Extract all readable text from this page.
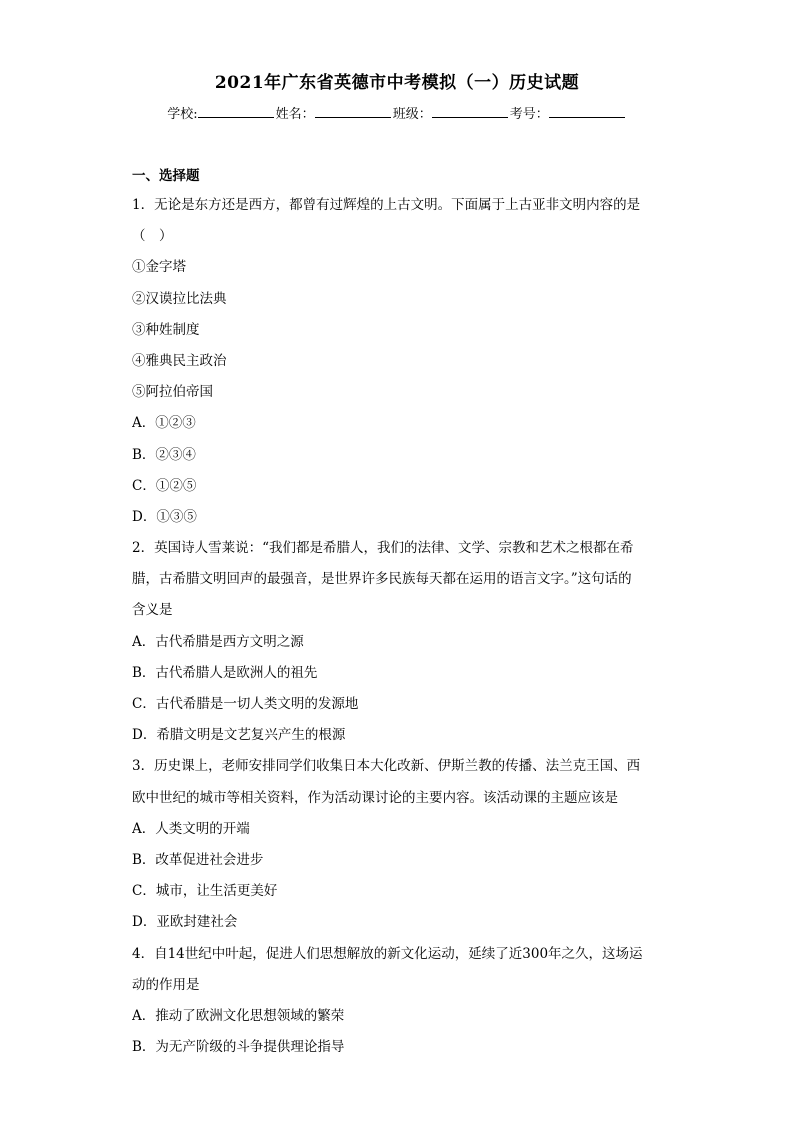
2021年广东省英德市中考模拟（一）历史试题
学校:	姓名：	班级：	考号：
一、选择题
1．无论是东方还是西方，都曾有过辉煌的上古文明。下面属于上古亚非文明内容的是
（　）
①金字塔
②汉谟拉比法典
③种姓制度
④雅典民主政治
⑤阿拉伯帝国
A．①②③
B．②③④
C．①②⑤
D．①③⑤
2．英国诗人雪莱说：“我们都是希腊人，我们的法律、文学、宗教和艺术之根都在希
腊，古希腊文明回声的最强音，是世界许多民族每天都在运用的语言文字。”这句话的
含义是
A．古代希腊是西方文明之源
B．古代希腊人是欧洲人的祖先
C．古代希腊是一切人类文明的发源地
D．希腊文明是文艺复兴产生的根源
3．历史课上，老师安排同学们收集日本大化改新、伊斯兰教的传播、法兰克王国、西
欧中世纪的城市等相关资料，作为活动课讨论的主要内容。该活动课的主题应该是
A．人类文明的开端
B．改革促进社会进步
C．城市，让生活更美好
D．亚欧封建社会
4．自14世纪中叶起，促进人们思想解放的新文化运动，延续了近300年之久，这场运
动的作用是
A．推动了欧洲文化思想领域的繁荣
B．为无产阶级的斗争提供理论指导
